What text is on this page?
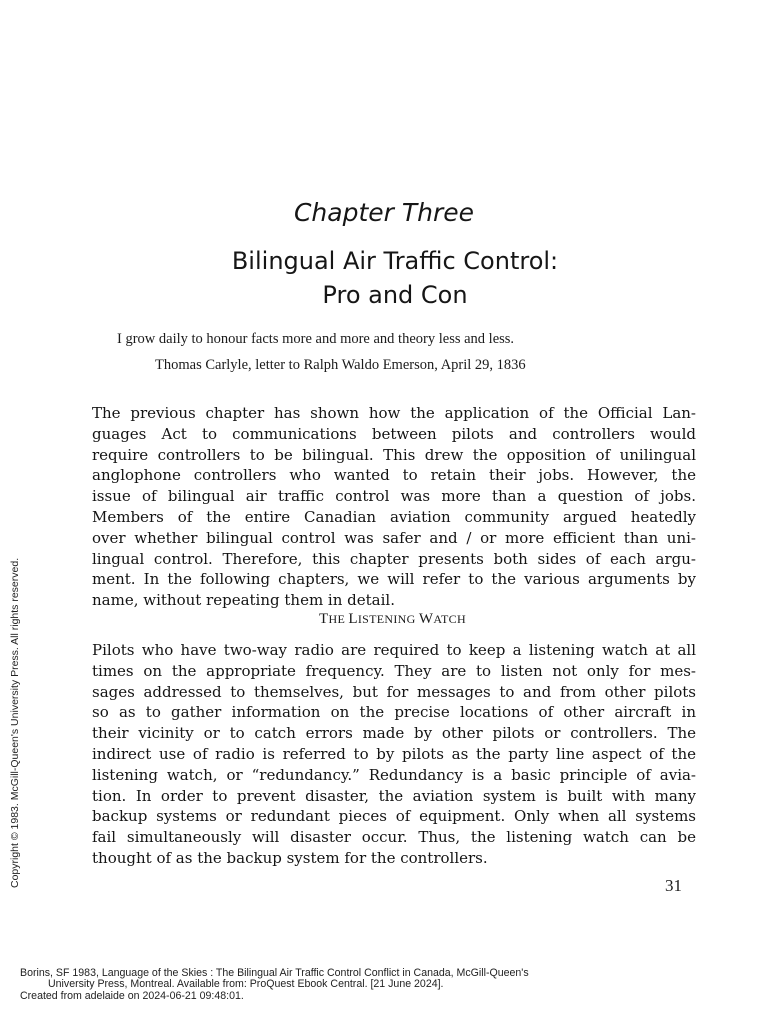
Chapter Three
Bilingual Air Traffic Control:
Pro and Con
I grow daily to honour facts more and more and theory less and less.
Thomas Carlyle, letter to Ralph Waldo Emerson, April 29, 1836
The previous chapter has shown how the application of the Official Lan-
guages Act to communications between pilots and controllers would
require controllers to be bilingual. This drew the opposition of unilingual
anglophone controllers who wanted to retain their jobs. However, the
issue of bilingual air traffic control was more than a question of jobs.
Members of the entire Canadian aviation community argued heatedly
over whether bilingual control was safer and / or more efficient than uni-
lingual control. Therefore, this chapter presents both sides of each argu-
ment. In the following chapters, we will refer to the various arguments by
name, without repeating them in detail.
THE LISTENING WATCH
Pilots who have two-way radio are required to keep a listening watch at all
times on the appropriate frequency. They are to listen not only for mes-
sages addressed to themselves, but for messages to and from other pilots
so as to gather information on the precise locations of other aircraft in
their vicinity or to catch errors made by other pilots or controllers. The
indirect use of radio is referred to by pilots as the party line aspect of the
listening watch, or “redundancy.” Redundancy is a basic principle of avia-
tion. In order to prevent disaster, the aviation system is built with many
backup systems or redundant pieces of equipment. Only when all systems
fail simultaneously will disaster occur. Thus, the listening watch can be
thought of as the backup system for the controllers.
31
Copyright © 1983. McGill-Queen's University Press. All rights reserved.
Borins, SF 1983, Language of the Skies : The Bilingual Air Traffic Control Conflict in Canada, McGill-Queen's
University Press, Montreal. Available from: ProQuest Ebook Central. [21 June 2024].
Created from adelaide on 2024-06-21 09:48:01.
